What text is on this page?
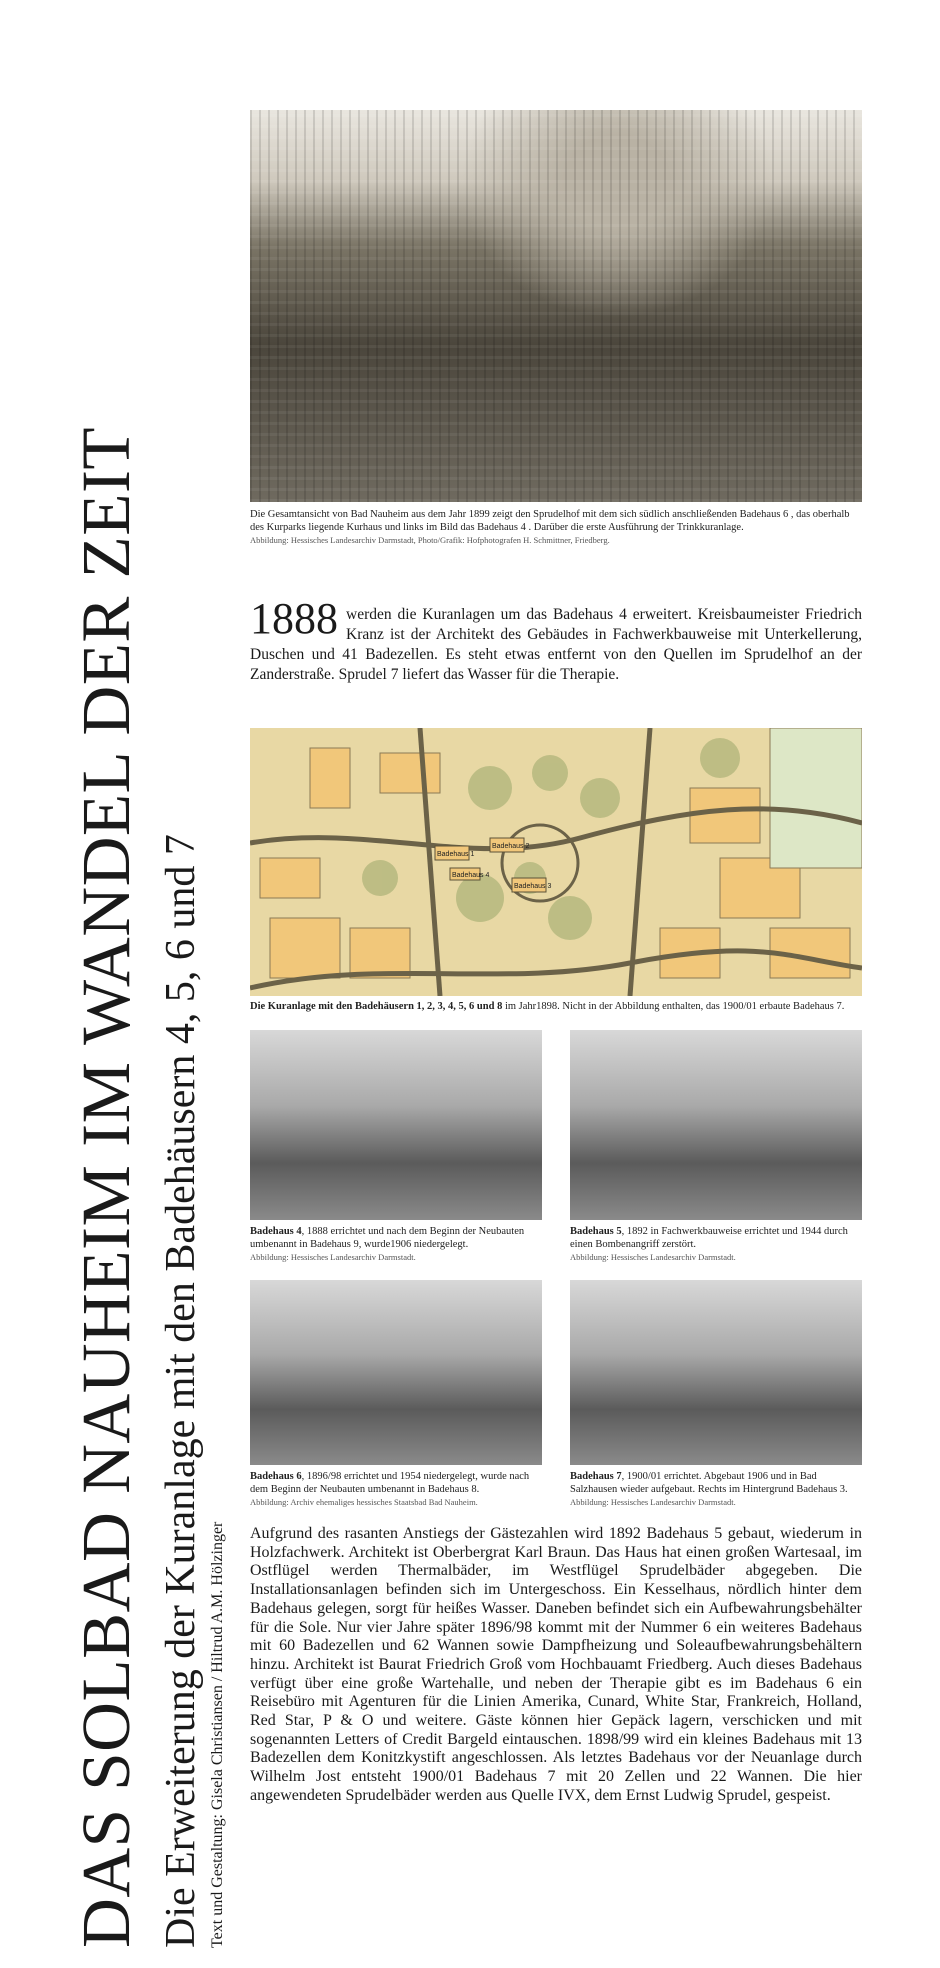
DAS SOLBAD NAUHEIM IM WANDEL DER ZEIT Die Erweiterung der Kuranlage mit den Badehäusern 4, 5, 6 und 7 Text und Gestaltung: Gisela Christiansen / Hiltrud A.M. Hölzinger
Die Gesamtansicht von Bad Nauheim aus dem Jahr 1899 zeigt den Sprudelhof mit dem sich südlich anschließenden Badehaus 6 , das oberhalb des Kurparks liegende Kurhaus und links im Bild das Badehaus 4 . Darüber die erste Ausführung der Trinkkuranlage.
Abbildung: Hessisches Landesarchiv Darmstadt, Photo/Grafik: Hofphotografen H. Schmittner, Friedberg.
1888 werden die Kuranlagen um das Badehaus 4 erweitert. Kreisbaumeister Friedrich Kranz ist der Architekt des Gebäudes in Fachwerkbauweise mit Unterkellerung, Duschen und 41 Badezellen. Es steht etwas entfernt von den Quellen im Sprudelhof an der Zanderstraße. Sprudel 7 liefert das Wasser für die Therapie.
Badehaus 1
Badehaus 2
Badehaus 3
Badehaus 4
Die Kuranlage mit den Badehäusern 1, 2, 3, 4, 5, 6 und 8 im Jahr1898. Nicht in der Abbildung enthalten, das 1900/01 erbaute Badehaus 7.
Badehaus 4, 1888 errichtet und nach dem Beginn der Neubauten umbenannt in Badehaus 9, wurde1906 niedergelegt.
Abbildung: Hessisches Landesarchiv Darmstadt.
Badehaus 5, 1892 in Fachwerkbauweise errichtet und 1944 durch einen Bombenangriff zerstört.
Abbildung: Hessisches Landesarchiv Darmstadt.
Badehaus 6, 1896/98 errichtet und 1954 niedergelegt, wurde nach dem Beginn der Neubauten umbenannt in Badehaus 8.
Abbildung: Archiv ehemaliges hessisches Staatsbad Bad Nauheim.
Badehaus 7, 1900/01 errichtet. Abgebaut 1906 und in Bad Salzhausen wieder aufgebaut. Rechts im Hintergrund Badehaus 3.
Abbildung: Hessisches Landesarchiv Darmstadt.
Aufgrund des rasanten Anstiegs der Gästezahlen wird 1892 Badehaus 5 gebaut, wiederum in Holzfachwerk. Architekt ist Oberbergrat Karl Braun. Das Haus hat einen großen Wartesaal, im Ostflügel werden Thermalbäder, im Westflügel Sprudelbäder abgegeben. Die Installationsanlagen befinden sich im Untergeschoss. Ein Kesselhaus, nördlich hinter dem Badehaus gelegen, sorgt für heißes Wasser. Daneben befindet sich ein Aufbewahrungsbehälter für die Sole. Nur vier Jahre später 1896/98 kommt mit der Nummer 6 ein weiteres Badehaus mit 60 Badezellen und 62 Wannen sowie Dampfheizung und Soleaufbewahrungsbehältern hinzu. Architekt ist Baurat Friedrich Groß vom Hochbauamt Friedberg. Auch dieses Badehaus verfügt über eine große Wartehalle, und neben der Therapie gibt es im Badehaus 6 ein Reisebüro mit Agenturen für die Linien Amerika, Cunard, White Star, Frankreich, Holland, Red Star, P & O und weitere. Gäste können hier Gepäck lagern, verschicken und mit sogenannten Letters of Credit Bargeld eintauschen. 1898/99 wird ein kleines Badehaus mit 13 Badezellen dem Konitzkystift angeschlossen. Als letztes Badehaus vor der Neuanlage durch Wilhelm Jost entsteht 1900/01 Badehaus 7 mit 20 Zellen und 22 Wannen. Die hier angewendeten Sprudelbäder werden aus Quelle IVX, dem Ernst Ludwig Sprudel, gespeist.
